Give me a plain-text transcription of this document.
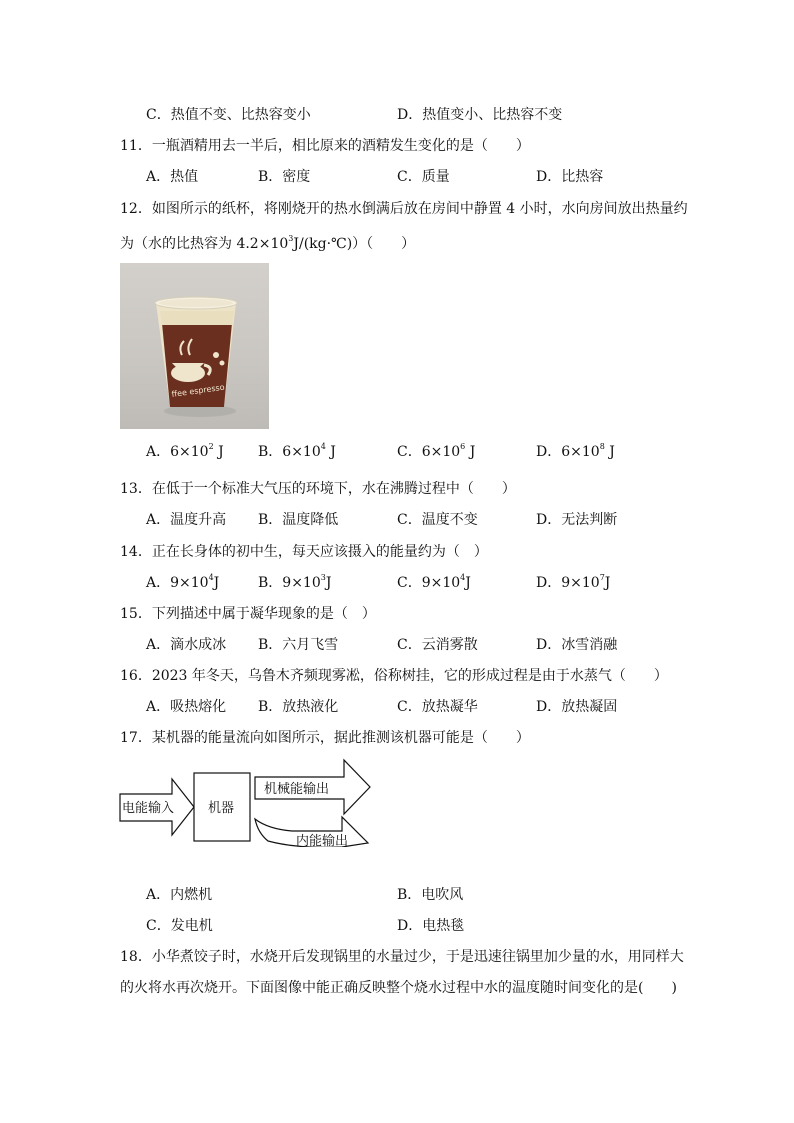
C．热值不变、比热容变小	D．热值变小、比热容不变
11．一瓶酒精用去一半后，相比原来的酒精发生变化的是（　　）
A．热值	B．密度	C．质量	D．比热容
12．如图所示的纸杯，将刚烧开的热水倒满后放在房间中静置 4 小时，水向房间放出热量约
为（水的比热容为 $4.2\times 10^3J/(kg\cdot℃)$）（　　）
ffee espresso
A．$6\times 10^2$ J B．$6\times 10^4$ J	C．$6\times 10^6$ J	D．$6\times 10^8$ J
13．在低于一个标准大气压的环境下，水在沸腾过程中（　　）
A．温度升高 B．温度降低	C．温度不变	D．无法判断
14．正在长身体的初中生，每天应该摄入的能量约为（　）
A．$9\times 10^4J$	B．$9\times 10^3J$	C．$9\times 10^4J$	D．$9\times 10^7J$
15．下列描述中属于凝华现象的是（　）
A．滴水成冰 B．六月飞雪	C．云消雾散	D．冰雪消融
16．2023 年冬天，乌鲁木齐频现雾凇，俗称树挂，它的形成过程是由于水蒸气（　　）
A．吸热熔化 B．放热液化	C．放热凝华	D．放热凝固
17．某机器的能量流向如图所示，据此推测该机器可能是（　　）
电能输入	机器
机械能输出
内能输出
A．内燃机	B．电吹风
C．发电机	D．电热毯
18．小华煮饺子时，水烧开后发现锅里的水量过少，于是迅速往锅里加少量的水，用同样大
的火将水再次烧开。下面图像中能正确反映整个烧水过程中水的温度随时间变化的是(　　)
